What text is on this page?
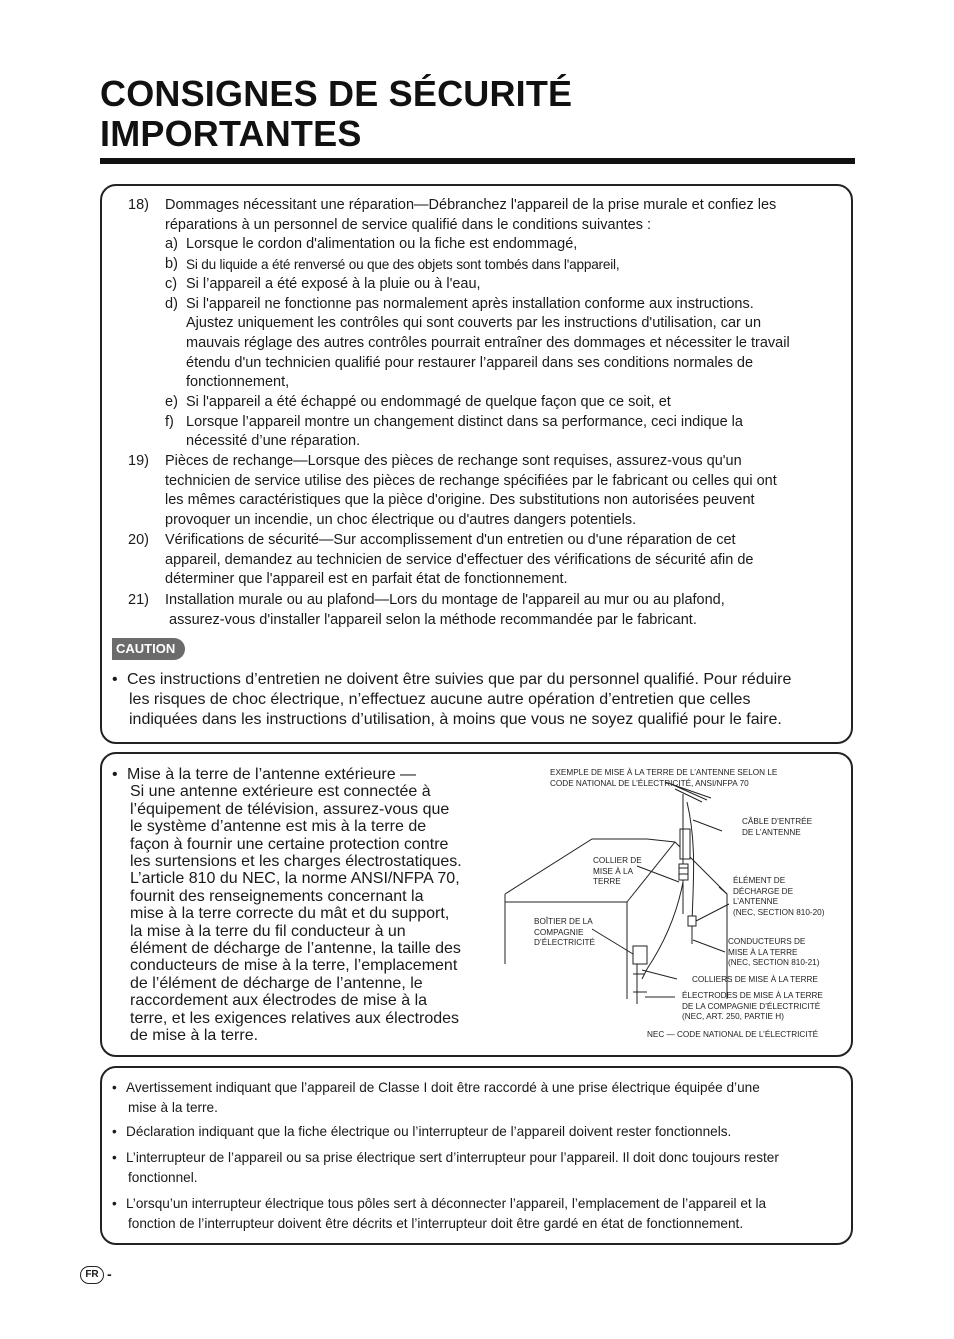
CONSIGNES DE SÉCURITÉ
IMPORTANTES
18) Dommages nécessitant une réparation—Débranchez l'appareil de la prise murale et confiez les
réparations à un personnel de service qualifié dans le conditions suivantes :
a) Lorsque le cordon d'alimentation ou la fiche est endommagé,
b) Si du liquide a été renversé ou que des objets sont tombés dans l'appareil,
c) Si l’appareil a été exposé à la pluie ou à l'eau,
d) Si l'appareil ne fonctionne pas normalement après installation conforme aux instructions.
Ajustez uniquement les contrôles qui sont couverts par les instructions d'utilisation, car un
mauvais réglage des autres contrôles pourrait entraîner des dommages et nécessiter le travail
étendu d'un technicien qualifié pour restaurer l’appareil dans ses conditions normales de
fonctionnement,
e) Si l'appareil a été échappé ou endommagé de quelque façon que ce soit, et
f) Lorsque l’appareil montre un changement distinct dans sa performance, ceci indique la
nécessité d’une réparation.
19) Pièces de rechange—Lorsque des pièces de rechange sont requises, assurez-vous qu'un
technicien de service utilise des pièces de rechange spécifiées par le fabricant ou celles qui ont
les mêmes caractéristiques que la pièce d'origine. Des substitutions non autorisées peuvent
provoquer un incendie, un choc électrique ou d'autres dangers potentiels.
20) Vérifications de sécurité—Sur accomplissement d'un entretien ou d'une réparation de cet
appareil, demandez au technicien de service d'effectuer des vérifications de sécurité afin de
déterminer que l'appareil est en parfait état de fonctionnement.
21) Installation murale ou au plafond—Lors du montage de l'appareil au mur ou au plafond,
assurez-vous d'installer l'appareil selon la méthode recommandée par le fabricant.
CAUTION
• Ces instructions d’entretien ne doivent être suivies que par du personnel qualifié. Pour réduire
les risques de choc électrique, n’effectuez aucune autre opération d’entretien que celles
indiquées dans les instructions d’utilisation, à moins que vous ne soyez qualifié pour le faire.
• Mise à la terre de l’antenne extérieure —
Si une antenne extérieure est connectée à
l’équipement de télévision, assurez-vous que
le système d’antenne est mis à la terre de
façon à fournir une certaine protection contre
les surtensions et les charges électrostatiques.
L’article 810 du NEC, la norme ANSI/NFPA 70,
fournit des renseignements concernant la
mise à la terre correcte du mât et du support,
la mise à la terre du fil conducteur à un
élément de décharge de l’antenne, la taille des
conducteurs de mise à la terre, l’emplacement
de l’élément de décharge de l’antenne, le
raccordement aux électrodes de mise à la
terre, et les exigences relatives aux électrodes
de mise à la terre.
EXEMPLE DE MISE À LA TERRE DE L’ANTENNE SELON LE
CODE NATIONAL DE L’ÉLECTRICITÉ, ANSI/NFPA 70
CÂBLE D’ENTRÉE
DE L’ANTENNE
COLLIER DE
MISE À LA
TERRE	ÉLÉMENT DE
DÉCHARGE DE
L’ANTENNE
(NEC, SECTION 810-20)
BOÎTIER DE LA
COMPAGNIE
D’ÉLECTRICITÉ	CONDUCTEURS DE
MISE À LA TERRE
(NEC, SECTION 810-21)
COLLIERS DE MISE À LA TERRE
ÉLECTRODES DE MISE À LA TERRE
DE LA COMPAGNIE D’ÉLECTRICITÉ
(NEC, ART. 250, PARTIE H)
NEC — CODE NATIONAL DE L’ÉLECTRICITÉ
• Avertissement indiquant que l’appareil de Classe I doit être raccordé à une prise électrique équipée d’une
mise à la terre.
• Déclaration indiquant que la fiche électrique ou l’interrupteur de l’appareil doivent rester fonctionnels.
• L’interrupteur de l’appareil ou sa prise électrique sert d’interrupteur pour l’appareil. Il doit donc toujours rester
fonctionnel.
• L’orsqu’un interrupteur électrique tous pôles sert à déconnecter l’appareil, l’emplacement de l’appareil et la
fonction de l’interrupteur doivent être décrits et l’interrupteur doit être gardé en état de fonctionnement.
FR -
